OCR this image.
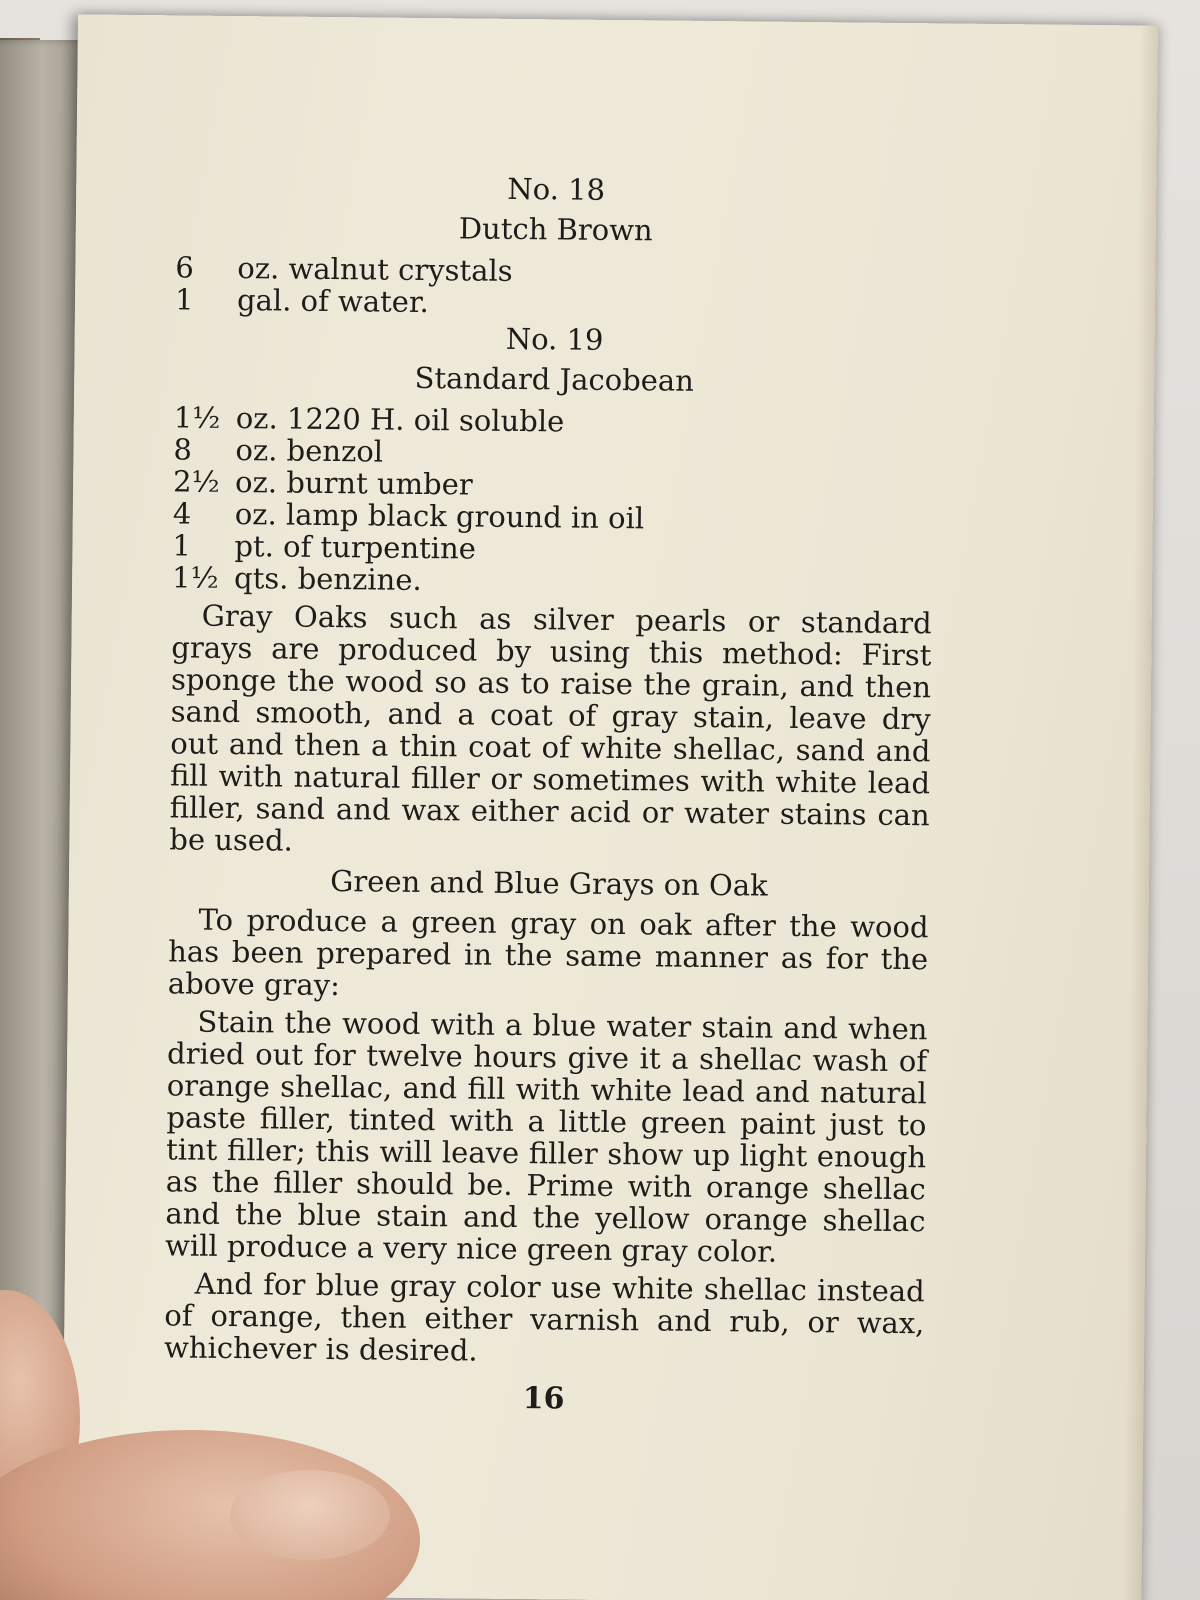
No. 18

Dutch Brown

6	oz. walnut crystals
1	gal. of water.

No. 19

Standard Jacobean

1½ oz. 1220 H. oil soluble
8	oz. benzol
2½ oz. burnt umber
4	oz. lamp black ground in oil
1	pt. of turpentine
1½ qts. benzine.

Gray Oaks such as silver pearls or standard grays are produced by using this method: First sponge the wood so as to raise the grain, and then sand smooth, and a coat of gray stain, leave dry out and then a thin coat of white shellac, sand and fill with natural filler or sometimes with white lead filler, sand and wax either acid or water stains can be used.

Green and Blue Grays on Oak

To produce a green gray on oak after the wood has been prepared in the same manner as for the above gray:

Stain the wood with a blue water stain and when dried out for twelve hours give it a shellac wash of orange shellac, and fill with white lead and natural paste filler, tinted with a little green paint just to tint filler; this will leave filler show up light enough as the filler should be. Prime with orange shellac and the blue stain and the yellow orange shellac will produce a very nice green gray color.

And for blue gray color use white shellac instead of orange, then either varnish and rub, or wax, whichever is desired.

16
